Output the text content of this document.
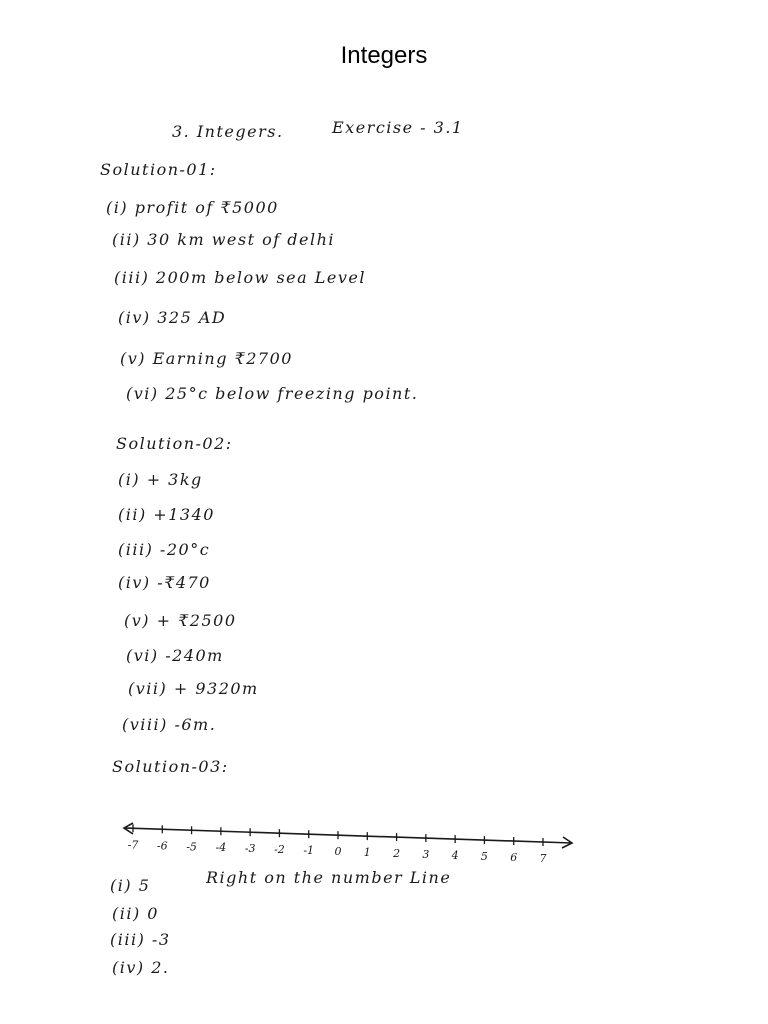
Integers
3. Integers.	Exercise - 3.1
Solution-01:
(i) profit of ₹5000
(ii) 30 km west of delhi
(iii) 200m below sea Level
(iv) 325 AD
(v) Earning ₹2700
(vi) 25°c below freezing point.
Solution-02:
(i) + 3kg
(ii) +1340
(iii) -20°c
(iv) -₹470
(v) + ₹2500
(vi) -240m
(vii) + 9320m
(viii) -6m.
Solution-03:
-7 -6 -5 -4 -3 -2 -1 0 1 2 3 4 5 6 7
Right on the number Line
(i) 5
(ii) 0
(iii) -3
(iv) 2.
